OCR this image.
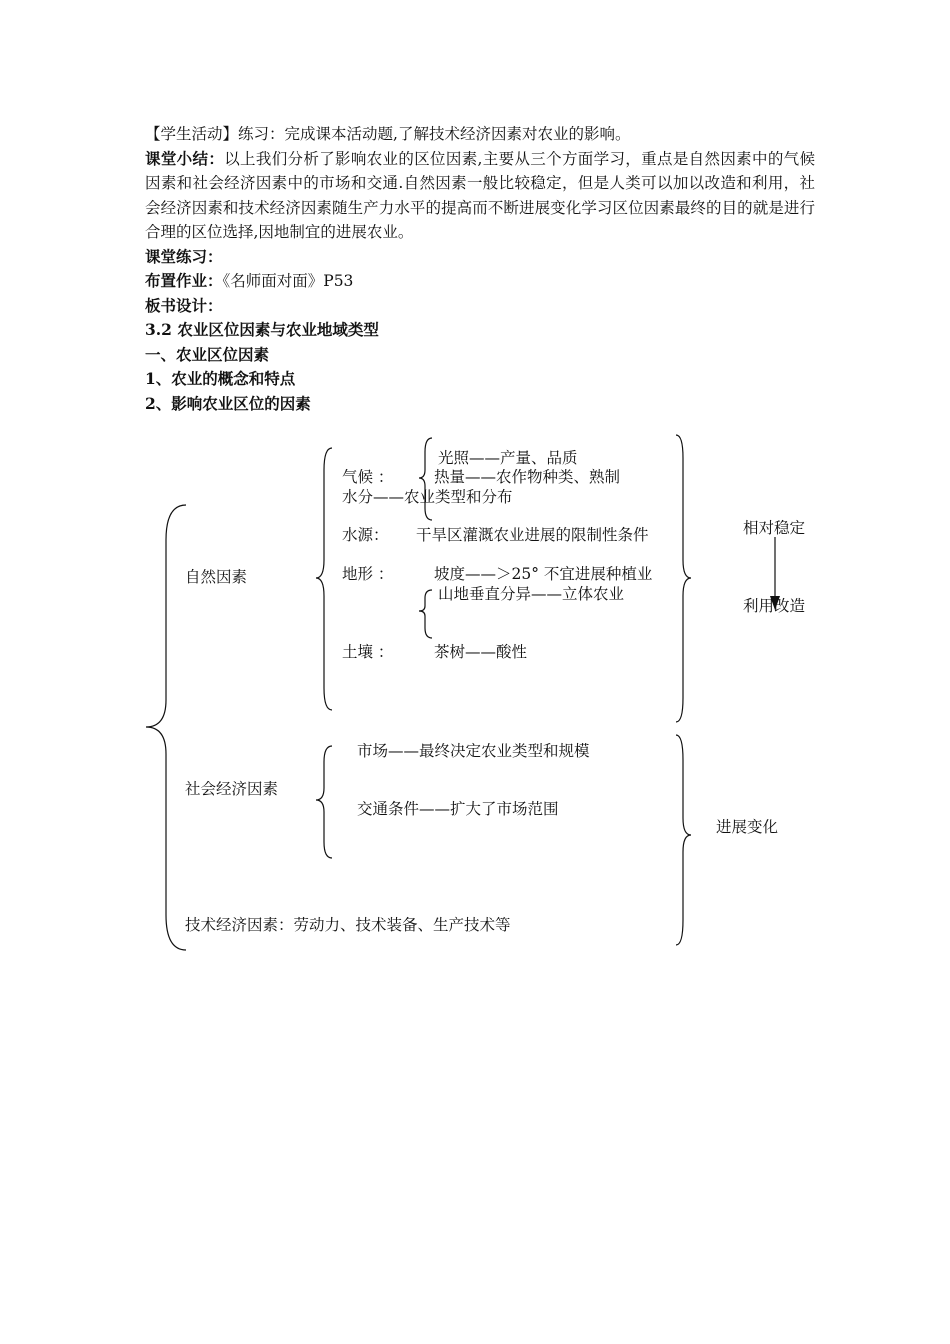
【学生活动】练习：完成课本活动题,了解技术经济因素对农业的影响。

课堂小结：以上我们分析了影响农业的区位因素,主要从三个方面学习，重点是自然因素中的气候因素和社会经济因素中的市场和交通.自然因素一般比较稳定，但是人类可以加以改造和利用，社会经济因素和技术经济因素随生产力水平的提高而不断进展变化学习区位因素最终的目的就是进行合理的区位选择,因地制宜的进展农业。

课堂练习：

布置作业：《名师面对面》P53

板书设计：

3.2 农业区位因素与农业地域类型

一、农业区位因素

1、农业的概念和特点

2、影响农业区位的因素

自然因素
气候 ：
光照——产量、品质
热量——农作物种类、熟制
水分——农业类型和分布
水源： 干旱区灌溉农业进展的限制性条件
地形 ：	坡度——＞25° 不宜进展种植业
山地垂直分异——立体农业
土壤 ：	茶树——酸性
相对稳定
利用改造
社会经济因素
市场——最终决定农业类型和规模
交通条件——扩大了市场范围
进展变化
技术经济因素：劳动力、技术装备、生产技术等
